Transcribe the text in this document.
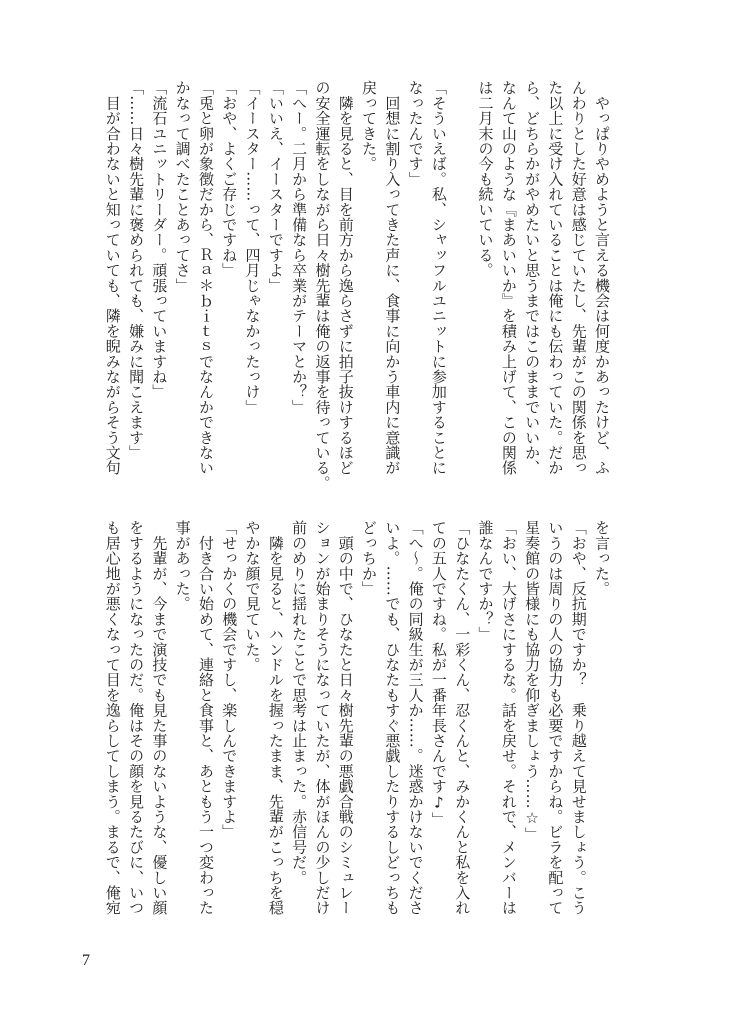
　やっぱりやめようと言える機会は何度かあったけど、ふ
んわりとした好意は感じていたし、先輩がこの関係を思っ
た以上に受け入れていることは俺にも伝わっていた。だか
ら、どちらかがやめたいと思うまではこのままでいいか、
なんて山のような『まあいいか』を積み上げて、この関係
は二月末の今も続いている。
「そういえば。私、シャッフルユニットに参加することに
なったんです」
　回想に割り入ってきた声に、食事に向かう車内に意識が
戻ってきた。
　隣を見ると、目を前方から逸らさずに拍子抜けするほど
の安全運転をしながら日々樹先輩は俺の返事を待っている。
「へー。二月から準備なら卒業がテーマとか？」
「いいえ、イースターですよ」
「イースター……って、四月じゃなかったっけ」
「おや、よくご存じですね」
「兎と卵が象徴だから、Ｒａ＊ｂｉｔｓでなんかできない
かなって調べたことあってさ」
「流石ユニットリーダー。頑張っていますね」
「……日々樹先輩に褒められても、嫌みに聞こえます」
　目が合わないと知っていても、隣を睨みながらそう文句
を言った。
「おや、反抗期ですか？　乗り越えて見せましょう。こう
いうのは周りの人の協力も必要ですからね。ビラを配って
星奏館の皆様にも協力を仰ぎましょう……☆」
「おい、大げさにするな。話を戻せ。それで、メンバーは
誰なんですか？」
「ひなたくん、一彩くん、忍くんと、みかくんと私を入れ
ての五人ですね。私が一番年長さんです♪」
「へ～。俺の同級生が三人か……。迷惑かけないでくださ
いよ。……でも、ひなたもすぐ悪戯したりするしどっちも
どっちか」
　頭の中で、ひなたと日々樹先輩の悪戯合戦のシミュレー
ションが始まりそうになっていたが、体がほんの少しだけ
前のめりに揺れたことで思考は止まった。赤信号だ。
　隣を見ると、ハンドルを握ったまま、先輩がこっちを穏
やかな顔で見ていた。
「せっかくの機会ですし、楽しんできますよ」
　付き合い始めて、連絡と食事と、あともう一つ変わった
事があった。
　先輩が、今まで演技でも見た事のないような、優しい顔
をするようになったのだ。俺はその顔を見るたびに、いつ
も居心地が悪くなって目を逸らしてしまう。まるで、俺宛
7
